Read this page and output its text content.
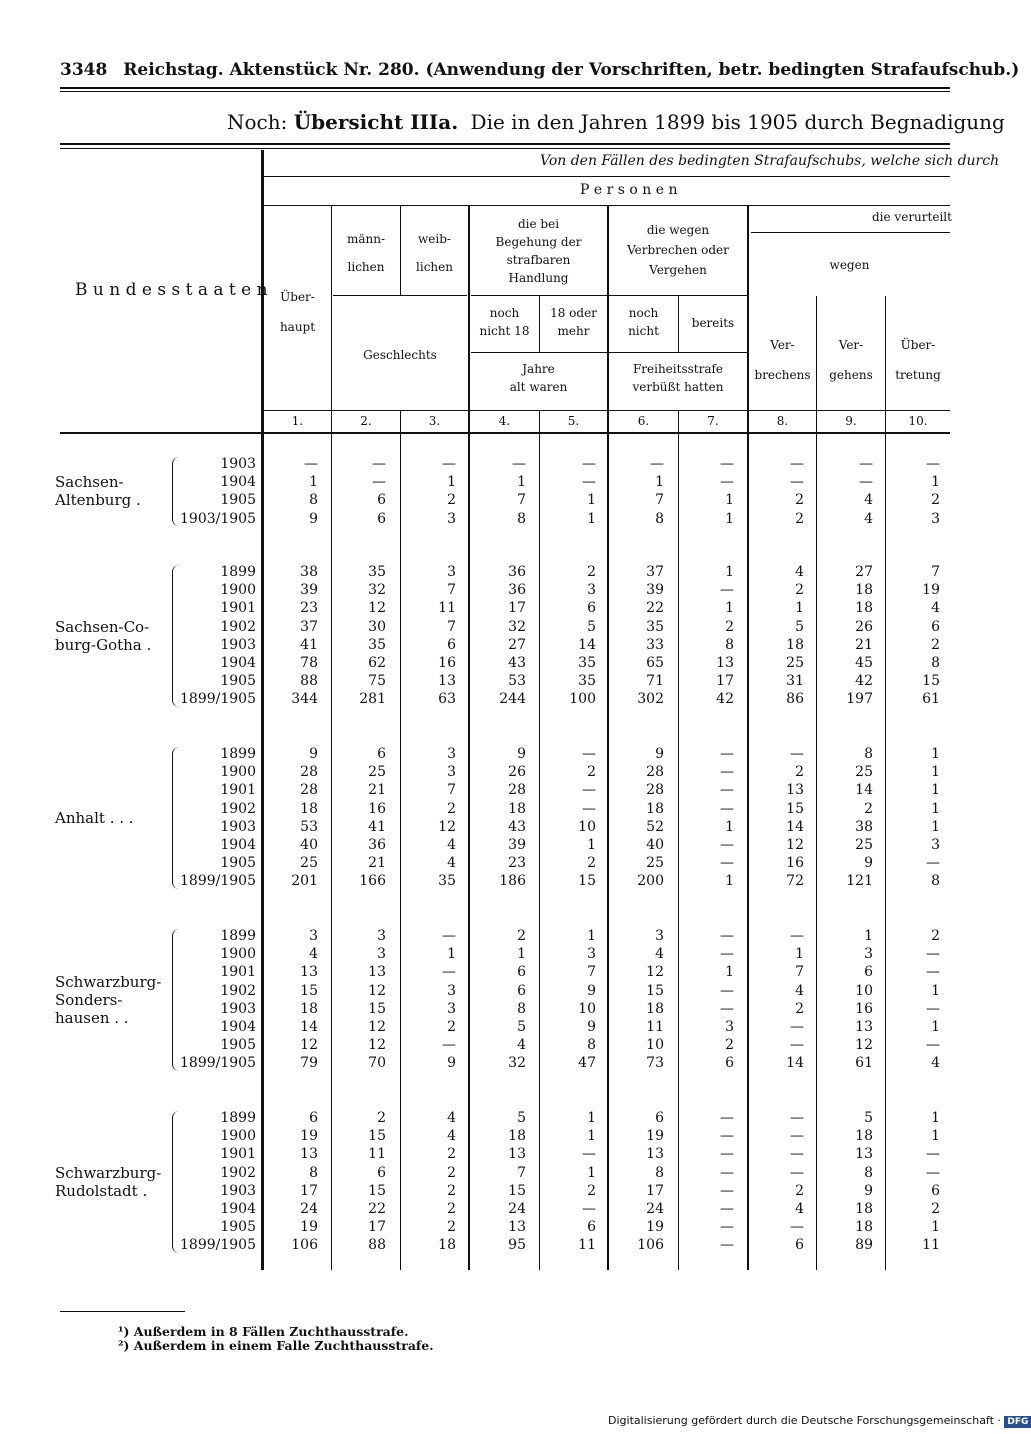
3348 Reichstag. Aktenstück Nr. 280. (Anwendung der Vorschriften, betr. bedingten Strafaufschub.)
Noch: Übersicht IIIa. Die in den Jahren 1899 bis 1905 durch Begnadigung
B u n d e s s t a a t e n
Von den Fällen des bedingten Strafaufschubs, welche sich durch
P e r s o n e n
Über-
haupt
männ-
lichen
weib-
lichen
Geschlechts
die bei
Begehung der
strafbaren
Handlung
noch
nicht 18
18 oder
mehr
Jahre
alt waren
die wegen
Verbrechen oder
Vergehen
noch
nicht
bereits
Freiheitsstrafe
verbüßt hatten
die verurteilt
wegen
Ver-
brechens
Ver-
gehens
Über-
tretung
1.	2.	3.	4.	5.	6.	7.	8.	9.	10.
Sachsen-
Altenburg .
1903	—	—	—	—	—	—	—	—	—	—
1904	1	—	1	1	—	1	—	—	—	1
1905	8	6	2	7	1	7	1	2	4	2
1903/1905	9	6	3	8	1	8	1	2	4	3
Sachsen-Co-
burg-Gotha .
1899	38	35	3	36	2	37	1	4	27	7
1900	39	32	7	36	3	39	—	2	18	19
1901	23	12	11	17	6	22	1	1	18	4
1902	37	30	7	32	5	35	2	5	26	6
1903	41	35	6	27	14	33	8	18	21	2
1904	78	62	16	43	35	65	13	25	45	8
1905	88	75	13	53	35	71	17	31	42	15
1899/1905	344	281	63	244	100	302	42	86	197	61
Anhalt . . .
1899	9	6	3	9	—	9	—	—	8	1
1900	28	25	3	26	2	28	—	2	25	1
1901	28	21	7	28	—	28	—	13	14	1
1902	18	16	2	18	—	18	—	15	2	1
1903	53	41	12	43	10	52	1	14	38	1
1904	40	36	4	39	1	40	—	12	25	3
1905	25	21	4	23	2	25	—	16	9	—
1899/1905	201	166	35	186	15	200	1	72	121	8
Schwarzburg-
Sonders-
hausen . .
1899	3	3	—	2	1	3	—	—	1	2
1900	4	3	1	1	3	4	—	1	3	—
1901	13	13	—	6	7	12	1	7	6	—
1902	15	12	3	6	9	15	—	4	10	1
1903	18	15	3	8	10	18	—	2	16	—
1904	14	12	2	5	9	11	3	—	13	1
1905	12	12	—	4	8	10	2	—	12	—
1899/1905	79	70	9	32	47	73	6	14	61	4
Schwarzburg-
Rudolstadt .
1899	6	2	4	5	1	6	—	—	5	1
1900	19	15	4	18	1	19	—	—	18	1
1901	13	11	2	13	—	13	—	—	13	—
1902	8	6	2	7	1	8	—	—	8	—
1903	17	15	2	15	2	17	—	2	9	6
1904	24	22	2	24	—	24	—	4	18	2
1905	19	17	2	13	6	19	—	—	18	1
1899/1905	106	88	18	95	11	106	—	6	89	11
¹) Außerdem in 8 Fällen Zuchthausstrafe.
²) Außerdem in einem Falle Zuchthausstrafe.
Digitalisierung gefördert durch die Deutsche Forschungsgemeinschaft · DFG
